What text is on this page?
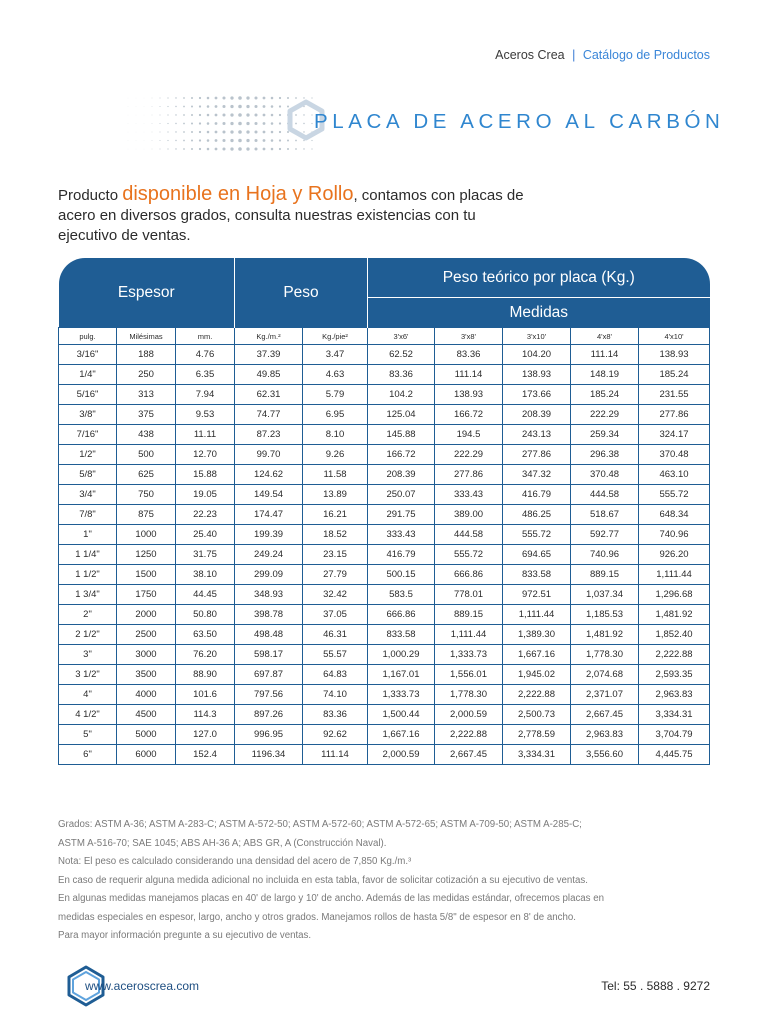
Aceros Crea | Catálogo de Productos
PLACA DE ACERO AL CARBÓN
Producto disponible en Hoja y Rollo, contamos con placas de acero en diversos grados, consulta nuestras existencias con tu ejecutivo de ventas.
Espesor			Peso		Peso teórico por placa (Kg.)				
					Medidas				
pulg.	Milésimas	mm.	Kg./m.²	Kg./pie²	3'x6'	3'x8'	3'x10'	4'x8'	4'x10'
3/16"	188	4.76	37.39	3.47	62.52	83.36	104.20	111.14	138.93
1/4"	250	6.35	49.85	4.63	83.36	111.14	138.93	148.19	185.24
5/16"	313	7.94	62.31	5.79	104.2	138.93	173.66	185.24	231.55
3/8"	375	9.53	74.77	6.95	125.04	166.72	208.39	222.29	277.86
7/16"	438	11.11	87.23	8.10	145.88	194.5	243.13	259.34	324.17
1/2"	500	12.70	99.70	9.26	166.72	222.29	277.86	296.38	370.48
5/8"	625	15.88	124.62	11.58	208.39	277.86	347.32	370.48	463.10
3/4"	750	19.05	149.54	13.89	250.07	333.43	416.79	444.58	555.72
7/8"	875	22.23	174.47	16.21	291.75	389.00	486.25	518.67	648.34
1"	1000	25.40	199.39	18.52	333.43	444.58	555.72	592.77	740.96
1 1/4"	1250	31.75	249.24	23.15	416.79	555.72	694.65	740.96	926.20
1 1/2"	1500	38.10	299.09	27.79	500.15	666.86	833.58	889.15	1,111.44
1 3/4"	1750	44.45	348.93	32.42	583.5	778.01	972.51	1,037.34	1,296.68
2"	2000	50.80	398.78	37.05	666.86	889.15	1,111.44	1,185.53	1,481.92
2 1/2"	2500	63.50	498.48	46.31	833.58	1,111.44	1,389.30	1,481.92	1,852.40
3"	3000	76.20	598.17	55.57	1,000.29	1,333.73	1,667.16	1,778.30	2,222.88
3 1/2"	3500	88.90	697.87	64.83	1,167.01	1,556.01	1,945.02	2,074.68	2,593.35
4"	4000	101.6	797.56	74.10	1,333.73	1,778.30	2,222.88	2,371.07	2,963.83
4 1/2"	4500	114.3	897.26	83.36	1,500.44	2,000.59	2,500.73	2,667.45	3,334.31
5"	5000	127.0	996.95	92.62	1,667.16	2,222.88	2,778.59	2,963.83	3,704.79
6"	6000	152.4	1196.34	111.14	2,000.59	2,667.45	3,334.31	3,556.60	4,445.75

Grados: ASTM A-36; ASTM A-283-C; ASTM A-572-50; ASTM A-572-60; ASTM A-572-65; ASTM A-709-50; ASTM A-285-C;

ASTM A-516-70; SAE 1045; ABS AH-36 A; ABS GR, A (Construcción Naval).

Nota: El peso es calculado considerando una densidad del acero de 7,850 Kg./m.³

En caso de requerir alguna medida adicional no incluida en esta tabla, favor de solicitar cotización a su ejecutivo de ventas.

En algunas medidas manejamos placas en 40' de largo y 10' de ancho. Además de las medidas estándar, ofrecemos placas en

medidas especiales en espesor, largo, ancho y otros grados. Manejamos rollos de hasta 5/8" de espesor en 8' de ancho.

Para mayor información pregunte a su ejecutivo de ventas.

www.aceroscrea.com	Tel: 55 . 5888 . 9272
